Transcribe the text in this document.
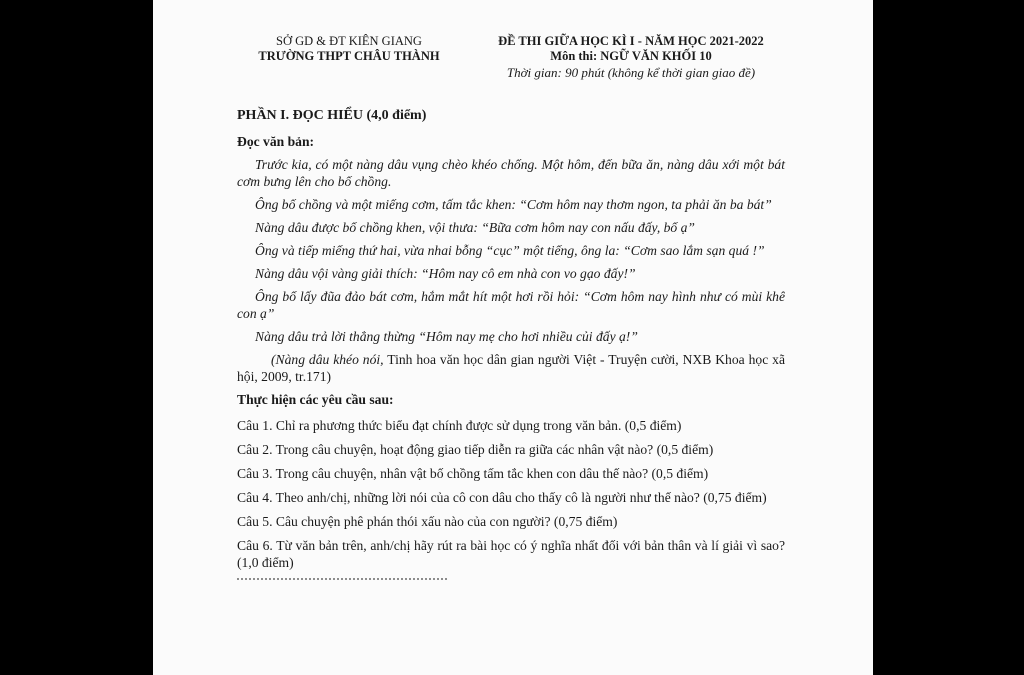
SỞ GD & ĐT KIÊN GIANG
TRƯỜNG THPT CHÂU THÀNH
ĐỀ THI GIỮA HỌC KÌ I - NĂM HỌC 2021-2022
Môn thi: NGỮ VĂN KHỐI 10
Thời gian: 90 phút (không kể thời gian giao đề)
PHẦN I. ĐỌC HIỂU (4,0 điểm)
Đọc văn bản:

Trước kia, có một nàng dâu vụng chèo khéo chống. Một hôm, đến bữa ăn, nàng dâu xới một bát cơm bưng lên cho bố chồng.

Ông bố chồng và một miếng cơm, tấm tắc khen: “Cơm hôm nay thơm ngon, ta phải ăn ba bát”

Nàng dâu được bố chồng khen, vội thưa: “Bữa cơm hôm nay con nấu đấy, bố ạ”

Ông và tiếp miếng thứ hai, vừa nhai bỗng “cục” một tiếng, ông la: “Cơm sao lắm sạn quá !”

Nàng dâu vội vàng giải thích: “Hôm nay cô em nhà con vo gạo đấy!”

Ông bố lấy đũa đảo bát cơm, hắm mắt hít một hơi rồi hỏi: “Cơm hôm nay hình như có mùi khê con ạ”

Nàng dâu trả lời thẳng thừng “Hôm nay mẹ cho hơi nhiều củi đấy ạ!”

(Nàng dâu khéo nói, Tinh hoa văn học dân gian người Việt - Truyện cười, NXB Khoa học xã hội, 2009, tr.171)

Thực hiện các yêu cầu sau:

Câu 1. Chỉ ra phương thức biểu đạt chính được sử dụng trong văn bản. (0,5 điểm)

Câu 2. Trong câu chuyện, hoạt động giao tiếp diễn ra giữa các nhân vật nào? (0,5 điểm)

Câu 3. Trong câu chuyện, nhân vật bố chồng tấm tắc khen con dâu thế nào? (0,5 điểm)

Câu 4. Theo anh/chị, những lời nói của cô con dâu cho thấy cô là người như thế nào? (0,75 điểm)

Câu 5. Câu chuyện phê phán thói xấu nào của con người? (0,75 điểm)

Câu 6. Từ văn bản trên, anh/chị hãy rút ra bài học có ý nghĩa nhất đối với bản thân và lí giải vì sao? (1,0 điểm)
